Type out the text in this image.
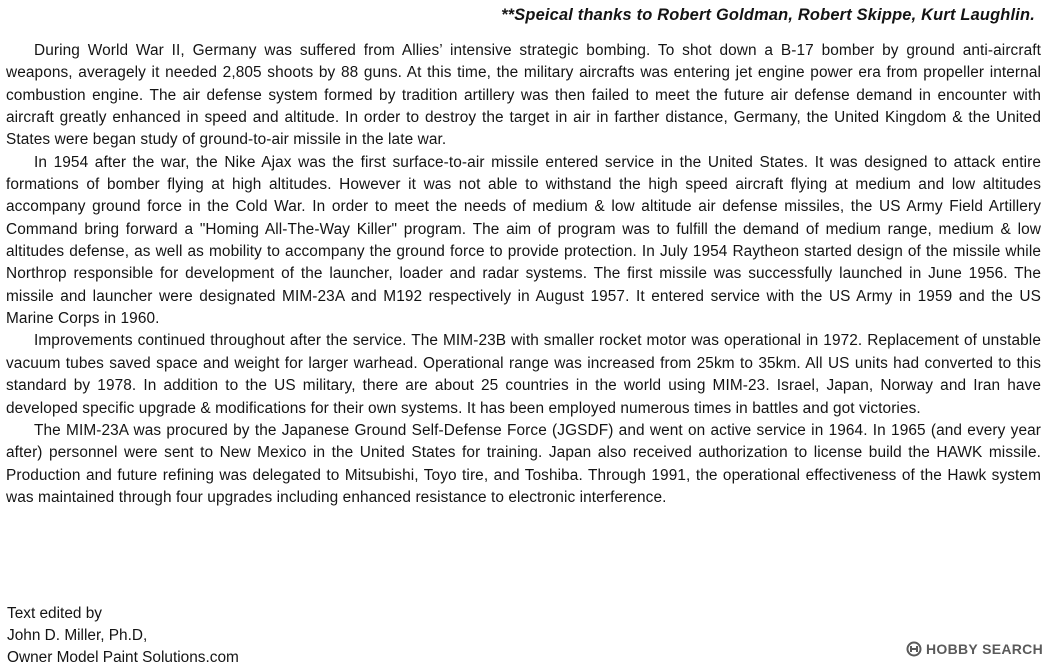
**Speical thanks to Robert Goldman, Robert Skippe, Kurt Laughlin.

During World War II, Germany was suffered from Allies’ intensive strategic bombing. To shot down a B-17 bomber by ground anti-aircraft weapons, averagely it needed 2,805 shoots by 88 guns. At this time, the military aircrafts was entering jet engine power era from propeller internal combustion engine. The air defense system formed by tradition artillery was then failed to meet the future air defense demand in encounter with aircraft greatly enhanced in speed and altitude. In order to destroy the target in air in farther distance, Germany, the United Kingdom & the United States were began study of ground-to-air missile in the late war.

In 1954 after the war, the Nike Ajax was the first surface-to-air missile entered service in the United States. It was designed to attack entire formations of bomber flying at high altitudes. However it was not able to withstand the high speed aircraft flying at medium and low altitudes accompany ground force in the Cold War. In order to meet the needs of medium & low altitude air defense missiles, the US Army Field Artillery Command bring forward a "Homing All-The-Way Killer" program. The aim of program was to fulfill the demand of medium range, medium & low altitudes defense, as well as mobility to accompany the ground force to provide protection. In July 1954 Raytheon started design of the missile while Northrop responsible for development of the launcher, loader and radar systems. The first missile was successfully launched in June 1956. The missile and launcher were designated MIM-23A and M192 respectively in August 1957. It entered service with the US Army in 1959 and the US Marine Corps in 1960.

Improvements continued throughout after the service. The MIM-23B with smaller rocket motor was operational in 1972. Replacement of unstable vacuum tubes saved space and weight for larger warhead. Operational range was increased from 25km to 35km. All US units had converted to this standard by 1978. In addition to the US military, there are about 25 countries in the world using MIM-23. Israel, Japan, Norway and Iran have developed specific upgrade & modifications for their own systems. It has been employed numerous times in battles and got victories.

The MIM-23A was procured by the Japanese Ground Self-Defense Force (JGSDF) and went on active service in 1964. In 1965 (and every year after) personnel were sent to New Mexico in the United States for training. Japan also received authorization to license build the HAWK missile. Production and future refining was delegated to Mitsubishi, Toyo tire, and Toshiba. Through 1991, the operational effectiveness of the Hawk system was maintained through four upgrades including enhanced resistance to electronic interference.

Text edited by
John D. Miller, Ph.D,
Owner Model Paint Solutions.com	HOBBY SEARCH
